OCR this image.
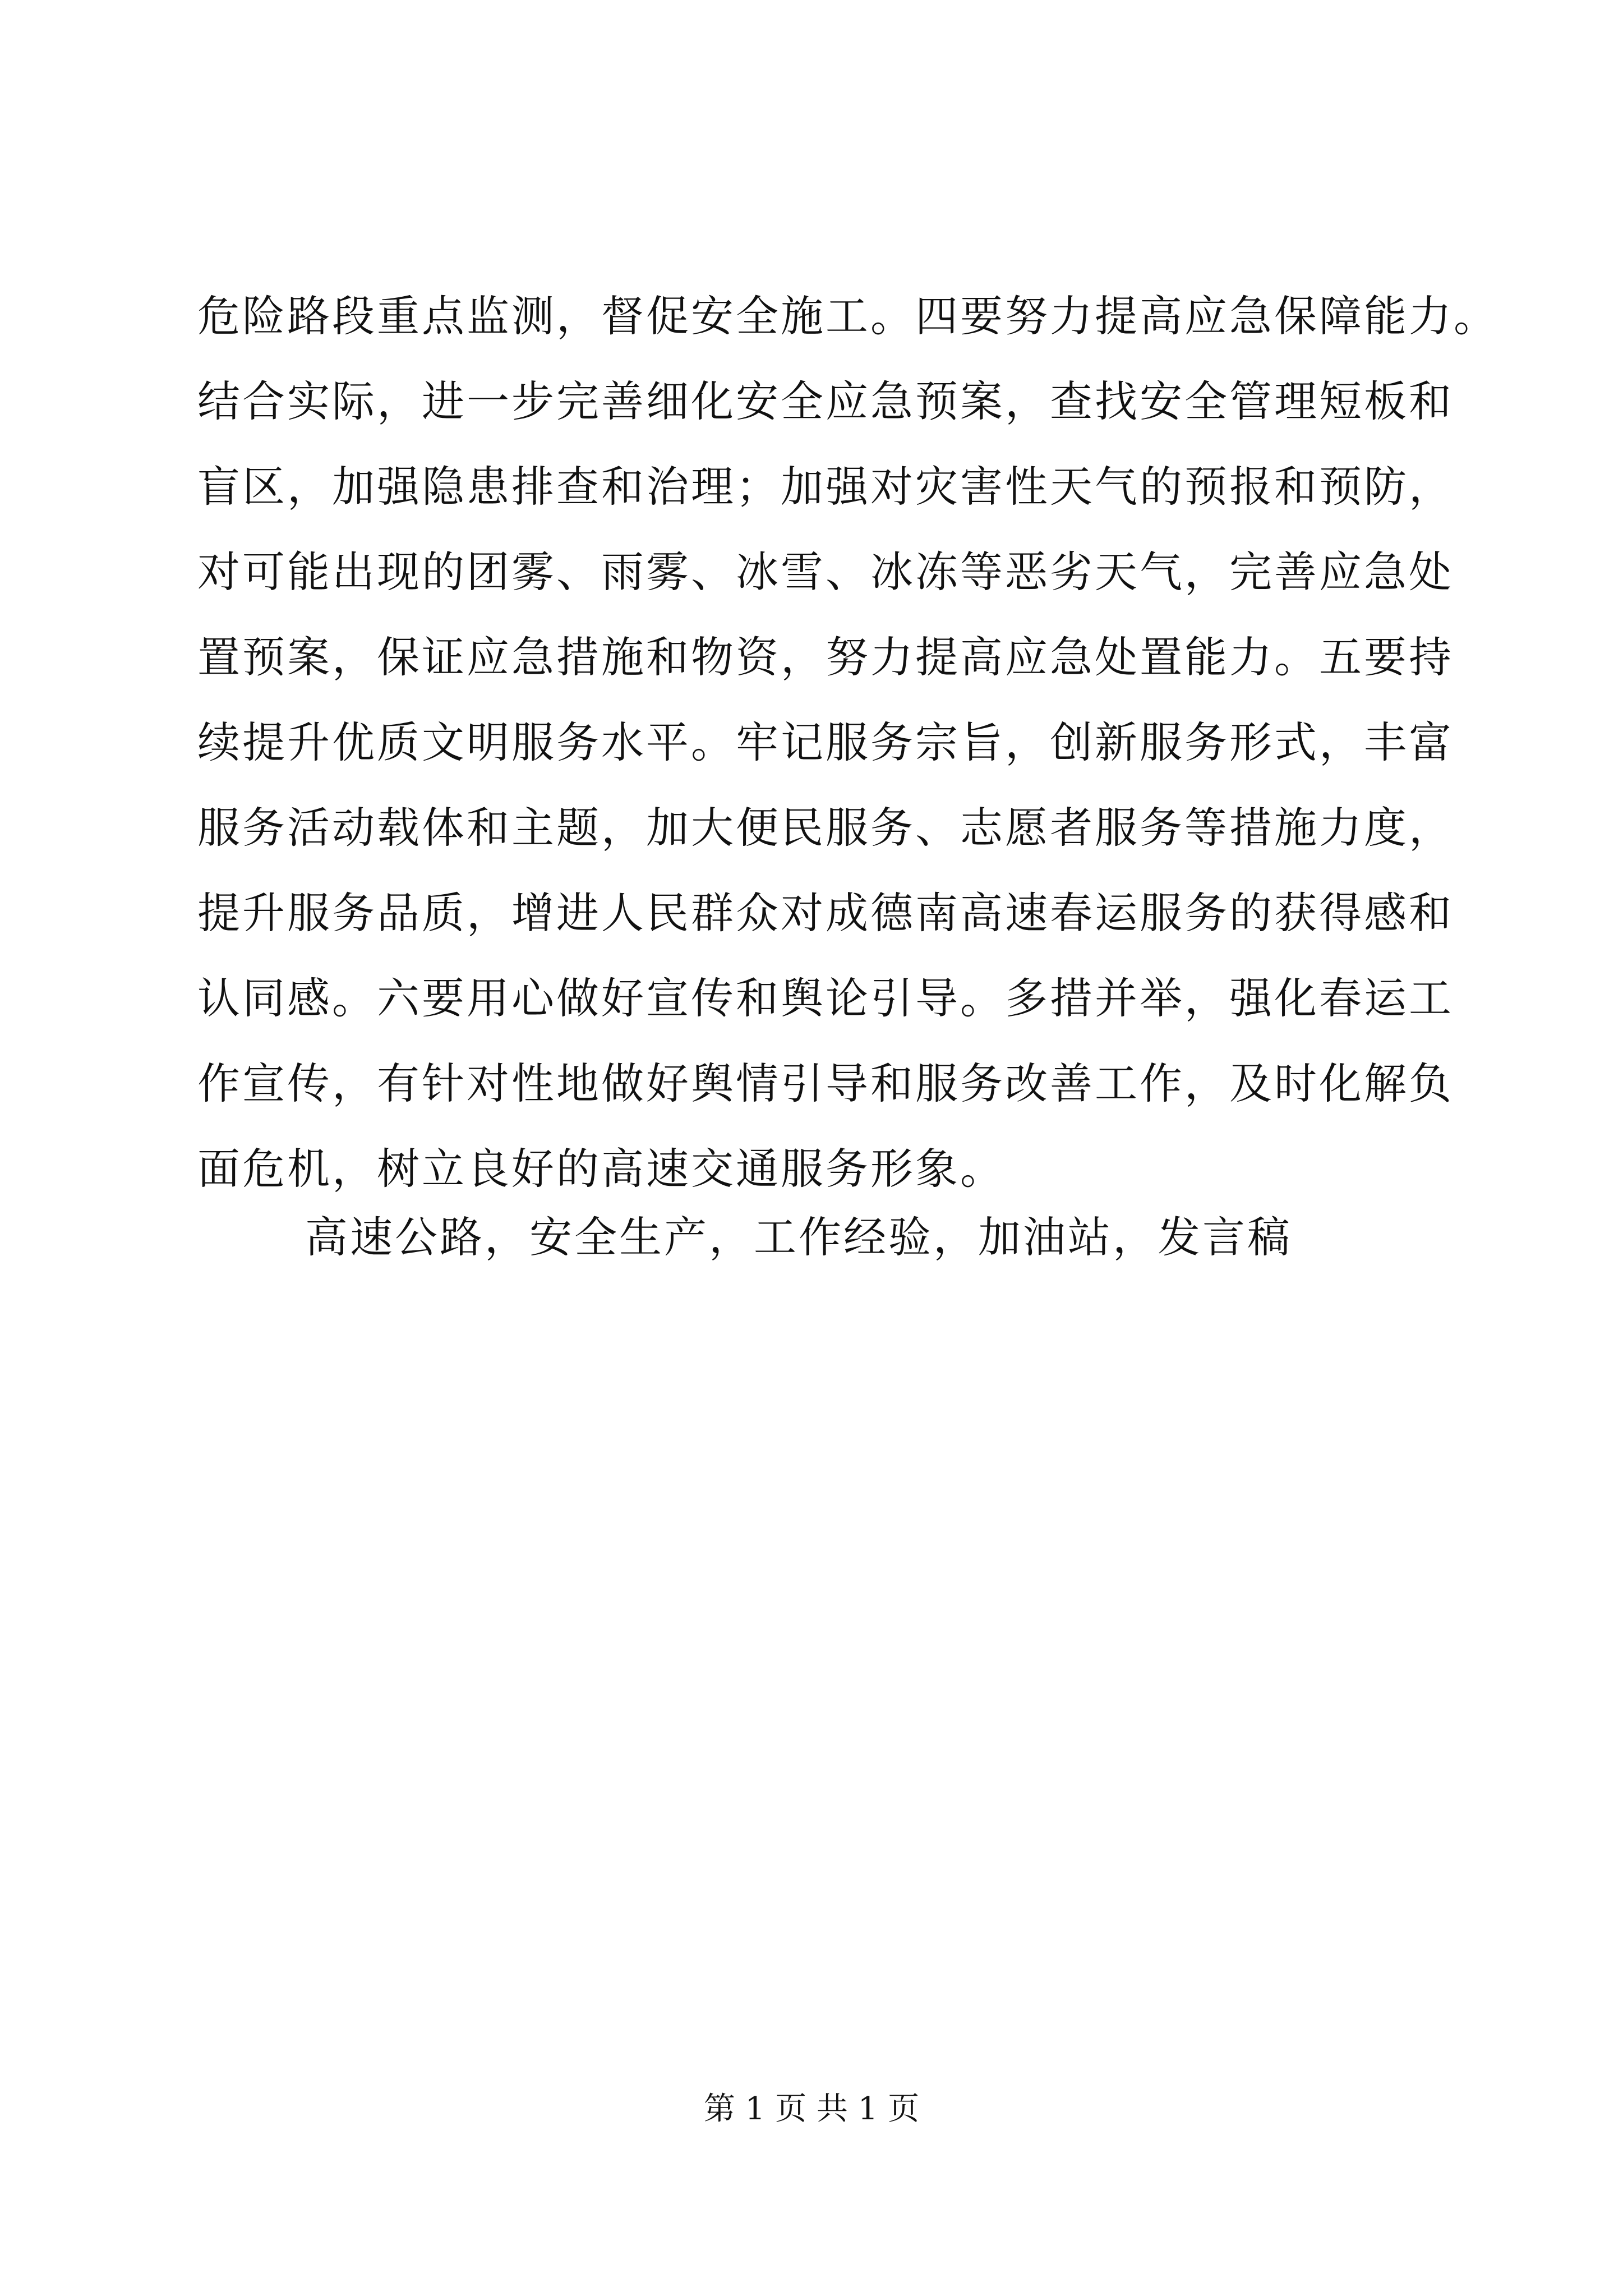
危险路段重点监测，督促安全施工。四要努力提高应急保障能力。
结合实际，进一步完善细化安全应急预案，查找安全管理短板和
盲区，加强隐患排查和治理；加强对灾害性天气的预报和预防，
对可能出现的团雾、雨雾、冰雪、冰冻等恶劣天气，完善应急处
置预案，保证应急措施和物资，努力提高应急处置能力。五要持
续提升优质文明服务水平。牢记服务宗旨，创新服务形式，丰富
服务活动载体和主题，加大便民服务、志愿者服务等措施力度，
提升服务品质，增进人民群众对成德南高速春运服务的获得感和
认同感。六要用心做好宣传和舆论引导。多措并举，强化春运工
作宣传，有针对性地做好舆情引导和服务改善工作，及时化解负
面危机，树立良好的高速交通服务形象。
高速公路，安全生产，工作经验，加油站，发言稿
第 1 页 共 1 页
